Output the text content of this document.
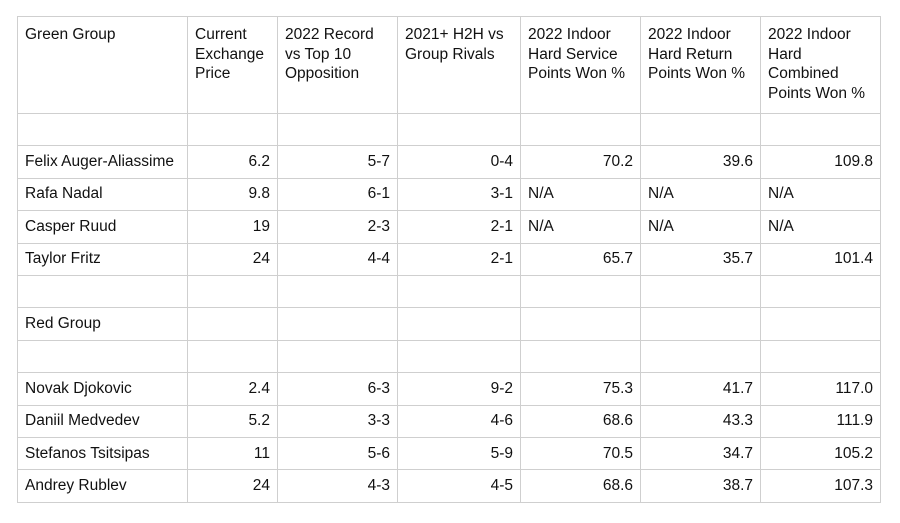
Green Group	Current Exchange Price	2022 Record vs Top 10 Opposition	2021+ H2H vs Group Rivals	2022 Indoor Hard Service Points Won %	2022 Indoor Hard Return Points Won %	2022 Indoor Hard Combined Points Won %

Felix Auger-Aliassime	6.2	5-7	0-4	70.2	39.6	109.8
Rafa Nadal	9.8	6-1	3-1	N/A	N/A	N/A
Casper Ruud	19	2-3	2-1	N/A	N/A	N/A
Taylor Fritz	24	4-4	2-1	65.7	35.7	101.4

Red Group						

Novak Djokovic	2.4	6-3	9-2	75.3	41.7	117.0
Daniil Medvedev	5.2	3-3	4-6	68.6	43.3	111.9
Stefanos Tsitsipas	11	5-6	5-9	70.5	34.7	105.2
Andrey Rublev	24	4-3	4-5	68.6	38.7	107.3
